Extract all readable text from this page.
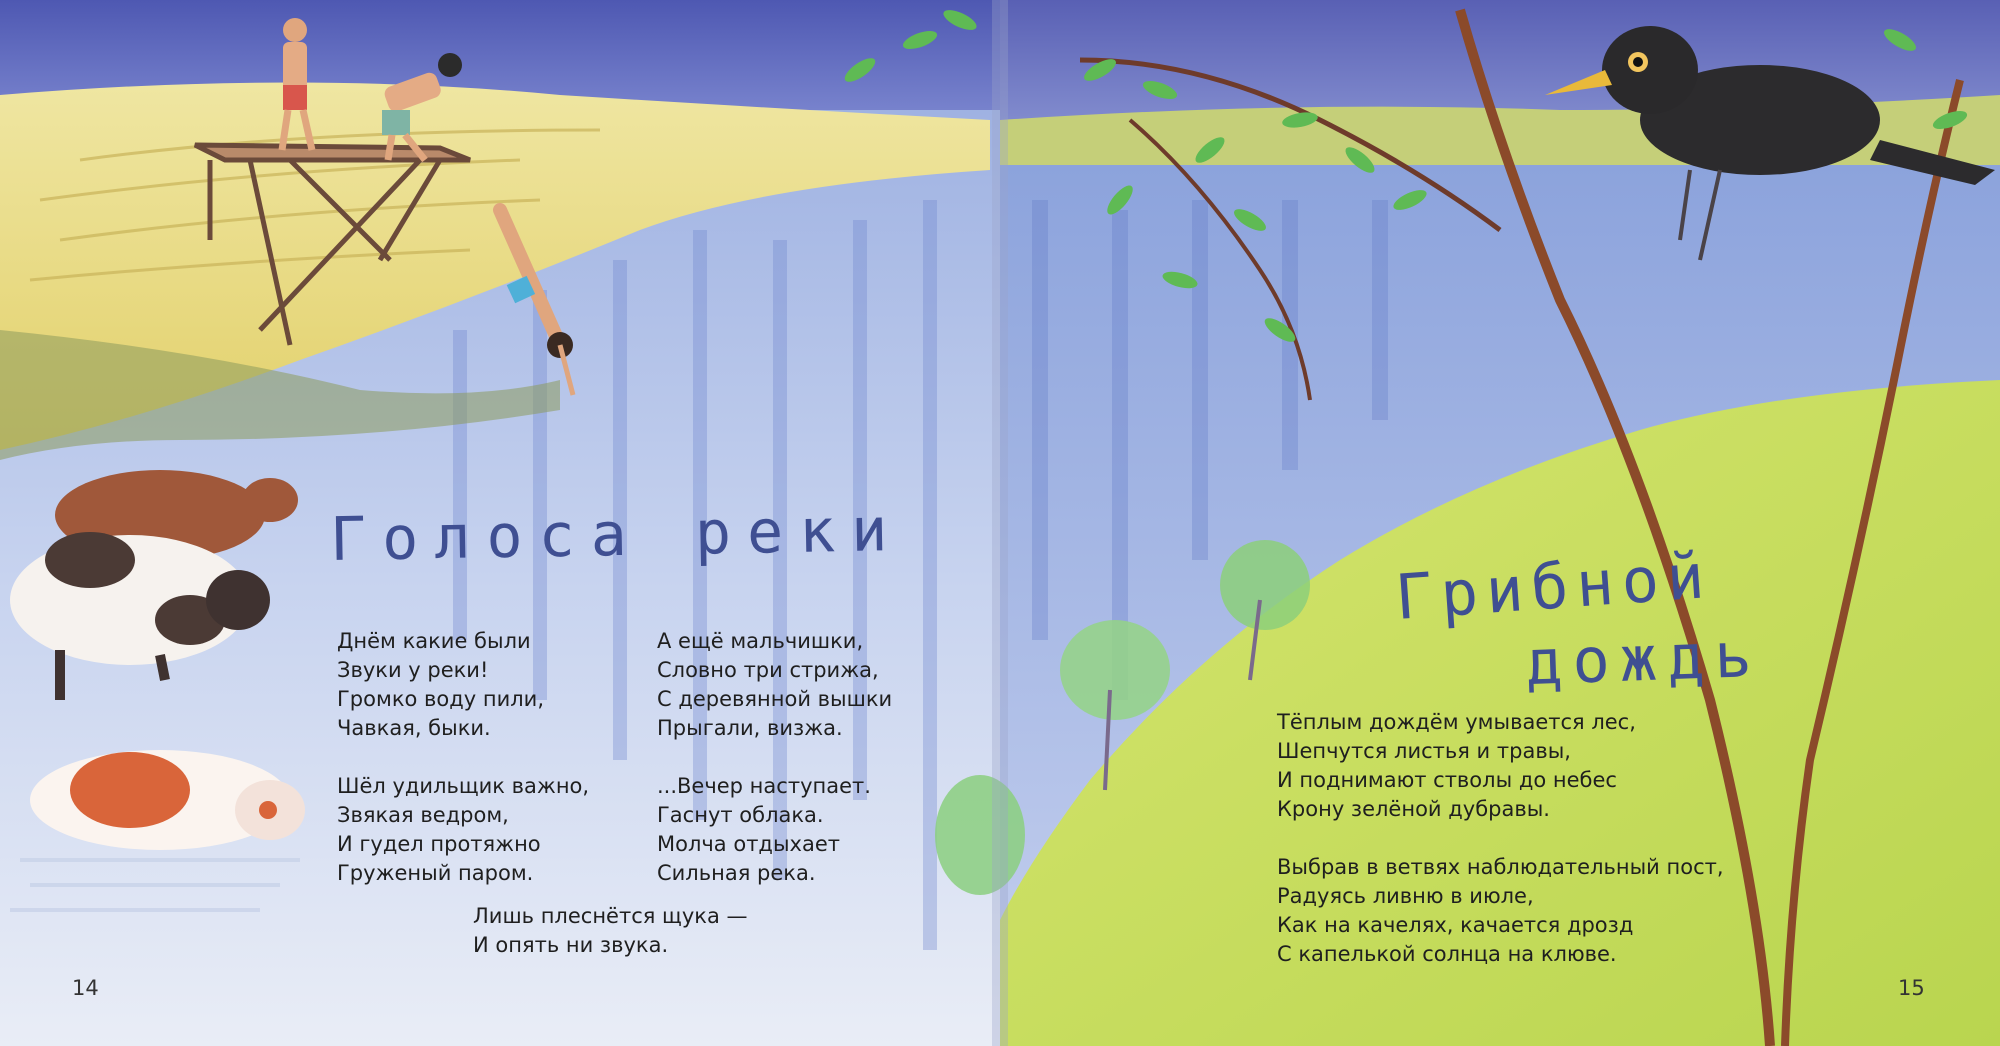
Голоса реки
Днём какие были
Звуки у реки!
Громко воду пили,
Чавкая, быки.
Шёл удильщик важно,
Звякая ведром,
И гудел протяжно
Груженый паром.
А ещё мальчишки,
Словно три стрижа,
С деревянной вышки
Прыгали, визжа.
...Вечер наступает.
Гаснут облака.
Молча отдыхает
Сильная река.
Лишь плеснётся щука —
И опять ни звука.
14
Грибной
дождь
Тёплым дождём умывается лес,
Шепчутся листья и травы,
И поднимают стволы до небес
Крону зелёной дубравы.
Выбрав в ветвях наблюдательный пост,
Радуясь ливню в июле,
Как на качелях, качается дрозд
С капелькой солнца на клюве.
15
